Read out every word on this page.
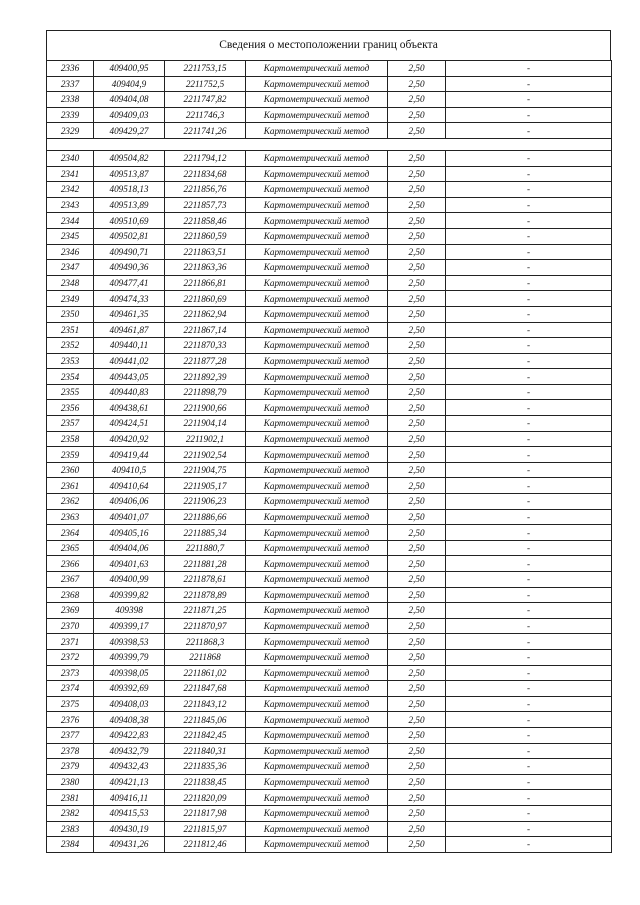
Сведения о местоположении границ объекта
2336	409400,95	2211753,15	Картометрический метод	2,50	-
2337	409404,9	2211752,5	Картометрический метод	2,50	-
2338	409404,08	2211747,82	Картометрический метод	2,50	-
2339	409409,03	2211746,3	Картометрический метод	2,50	-
2329	409429,27	2211741,26	Картометрический метод	2,50	-

2340	409504,82	2211794,12	Картометрический метод	2,50	-
2341	409513,87	2211834,68	Картометрический метод	2,50	-
2342	409518,13	2211856,76	Картометрический метод	2,50	-
2343	409513,89	2211857,73	Картометрический метод	2,50	-
2344	409510,69	2211858,46	Картометрический метод	2,50	-
2345	409502,81	2211860,59	Картометрический метод	2,50	-
2346	409490,71	2211863,51	Картометрический метод	2,50	-
2347	409490,36	2211863,36	Картометрический метод	2,50	-
2348	409477,41	2211866,81	Картометрический метод	2,50	-
2349	409474,33	2211860,69	Картометрический метод	2,50	-
2350	409461,35	2211862,94	Картометрический метод	2,50	-
2351	409461,87	2211867,14	Картометрический метод	2,50	-
2352	409440,11	2211870,33	Картометрический метод	2,50	-
2353	409441,02	2211877,28	Картометрический метод	2,50	-
2354	409443,05	2211892,39	Картометрический метод	2,50	-
2355	409440,83	2211898,79	Картометрический метод	2,50	-
2356	409438,61	2211900,66	Картометрический метод	2,50	-
2357	409424,51	2211904,14	Картометрический метод	2,50	-
2358	409420,92	2211902,1	Картометрический метод	2,50	-
2359	409419,44	2211902,54	Картометрический метод	2,50	-
2360	409410,5	2211904,75	Картометрический метод	2,50	-
2361	409410,64	2211905,17	Картометрический метод	2,50	-
2362	409406,06	2211906,23	Картометрический метод	2,50	-
2363	409401,07	2211886,66	Картометрический метод	2,50	-
2364	409405,16	2211885,34	Картометрический метод	2,50	-
2365	409404,06	2211880,7	Картометрический метод	2,50	-
2366	409401,63	2211881,28	Картометрический метод	2,50	-
2367	409400,99	2211878,61	Картометрический метод	2,50	-
2368	409399,82	2211878,89	Картометрический метод	2,50	-
2369	409398	2211871,25	Картометрический метод	2,50	-
2370	409399,17	2211870,97	Картометрический метод	2,50	-
2371	409398,53	2211868,3	Картометрический метод	2,50	-
2372	409399,79	2211868	Картометрический метод	2,50	-
2373	409398,05	2211861,02	Картометрический метод	2,50	-
2374	409392,69	2211847,68	Картометрический метод	2,50	-
2375	409408,03	2211843,12	Картометрический метод	2,50	-
2376	409408,38	2211845,06	Картометрический метод	2,50	-
2377	409422,83	2211842,45	Картометрический метод	2,50	-
2378	409432,79	2211840,31	Картометрический метод	2,50	-
2379	409432,43	2211835,36	Картометрический метод	2,50	-
2380	409421,13	2211838,45	Картометрический метод	2,50	-
2381	409416,11	2211820,09	Картометрический метод	2,50	-
2382	409415,53	2211817,98	Картометрический метод	2,50	-
2383	409430,19	2211815,97	Картометрический метод	2,50	-
2384	409431,26	2211812,46	Картометрический метод	2,50	-
